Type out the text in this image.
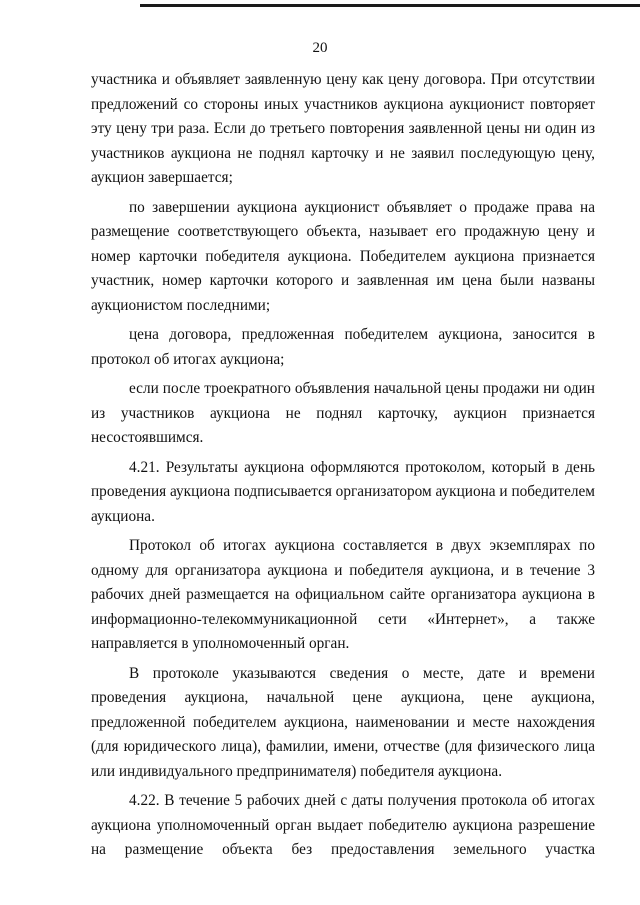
20

участника и объявляет заявленную цену как цену договора. При отсутствии предложений со стороны иных участников аукциона аукционист повторяет эту цену три раза. Если до третьего повторения заявленной цены ни один из участников аукциона не поднял карточку и не заявил последующую цену, аукцион завершается;

по завершении аукциона аукционист объявляет о продаже права на размещение соответствующего объекта, называет его продажную цену и номер карточки победителя аукциона. Победителем аукциона признается участник, номер карточки которого и заявленная им цена были названы аукционистом последними;

цена договора, предложенная победителем аукциона, заносится в протокол об итогах аукциона;

если после троекратного объявления начальной цены продажи ни один из участников аукциона не поднял карточку, аукцион признается несостоявшимся.

4.21. Результаты аукциона оформляются протоколом, который в день проведения аукциона подписывается организатором аукциона и победителем аукциона.

Протокол об итогах аукциона составляется в двух экземплярах по одному для организатора аукциона и победителя аукциона, и в течение 3 рабочих дней размещается на официальном сайте организатора аукциона в информационно-телекоммуникационной сети «Интернет», а также направляется в уполномоченный орган.

В протоколе указываются сведения о месте, дате и времени проведения аукциона, начальной цене аукциона, цене аукциона, предложенной победителем аукциона, наименовании и месте нахождения (для юридического лица), фамилии, имени, отчестве (для физического лица или индивидуального предпринимателя) победителя аукциона.

4.22. В течение 5 рабочих дней с даты получения протокола об итогах аукциона уполномоченный орган выдает победителю аукциона разрешение на размещение объекта без предоставления земельного участка
